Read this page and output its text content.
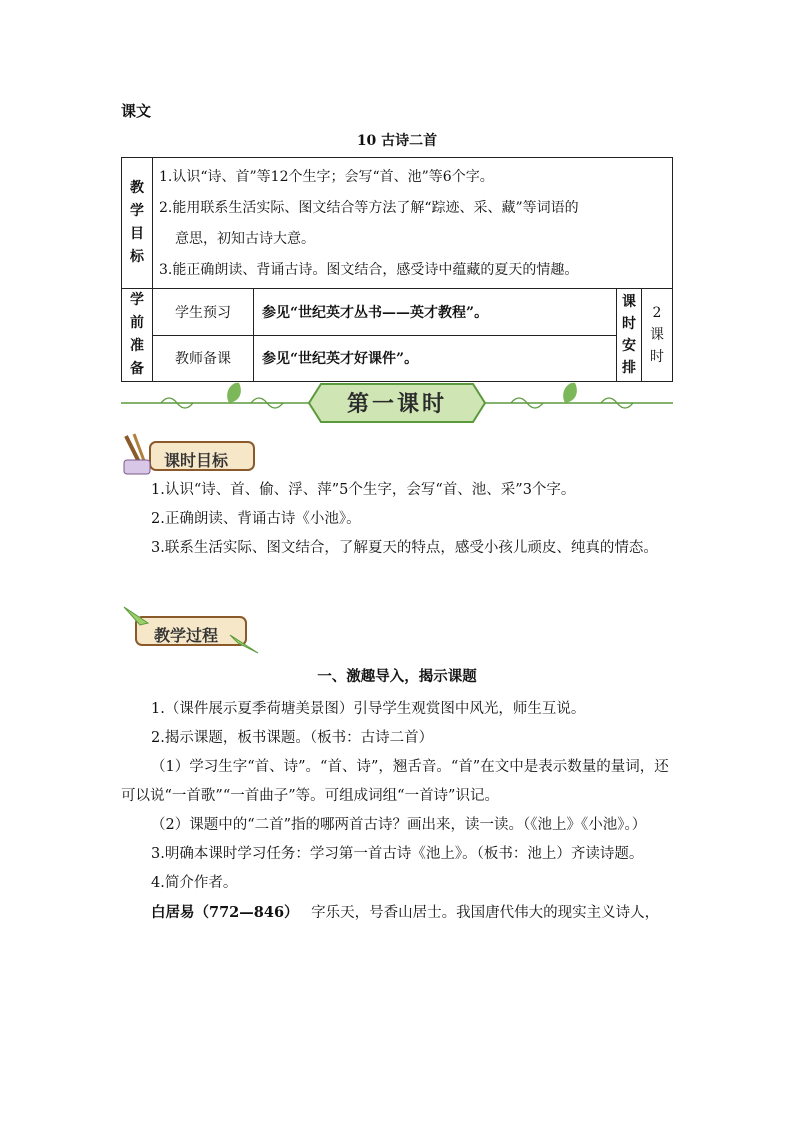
课文
10 古诗二首
教学目标	1.认识“诗、首”等12个生字；会写“首、池”等6个字。
2.能用联系生活实际、图文结合等方法了解“踪迹、采、藏”等词语的
意思，初知古诗大意。
3.能正确朗读、背诵古诗。图文结合，感受诗中蕴藏的夏天的情趣。			

学前准备	学生预习	参见“世纪英才丛书——英才教程”。	课时安排	2
课时

	教师备课	参见“世纪英才好课件”。		
第一课时
课时目标

1.认识“诗、首、偷、浮、萍”5个生字，会写“首、池、采”3个字。

2.正确朗读、背诵古诗《小池》。

3.联系生活实际、图文结合，了解夏天的特点，感受小孩儿顽皮、纯真的情态。

教学过程

一、激趣导入，揭示课题

1.（课件展示夏季荷塘美景图）引导学生观赏图中风光，师生互说。

2.揭示课题，板书课题。（板书：古诗二首）

（1）学习生字“首、诗”。“首、诗”，翘舌音。“首”在文中是表示数量的量词，还可以说“一首歌”“一首曲子”等。可组成词组“一首诗”识记。

（2）课题中的“二首”指的哪两首古诗？画出来，读一读。（《池上》《小池》。）

3.明确本课时学习任务：学习第一首古诗《池上》。（板书：池上）齐读诗题。

4.简介作者。

白居易（772—846） 字乐天，号香山居士。我国唐代伟大的现实主义诗人，
